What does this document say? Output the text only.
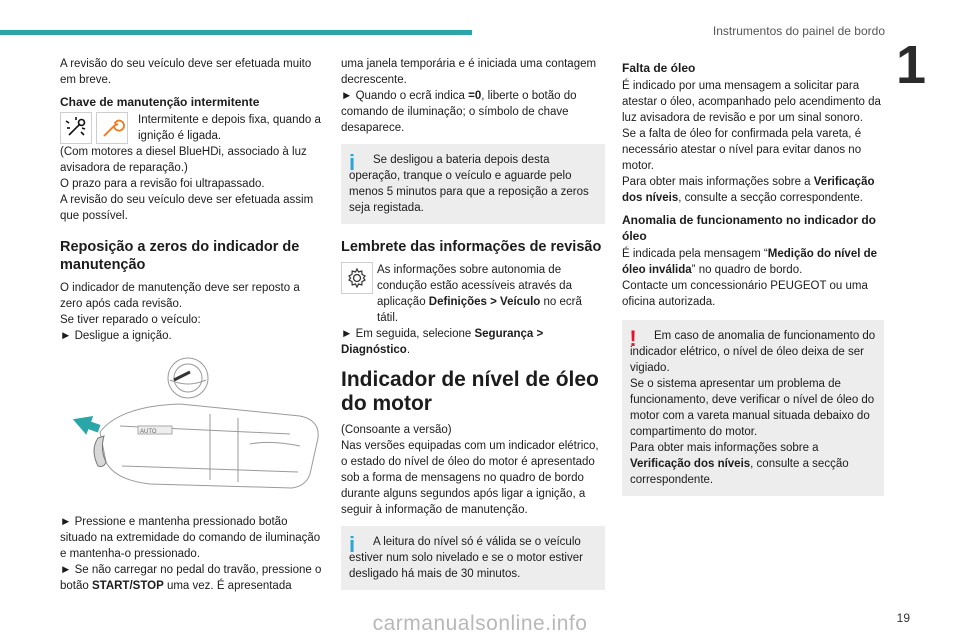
Instrumentos do painel de bordo
1

A revisão do seu veículo deve ser efetuada muito em breve.

Chave de manutenção intermitente

Intermitente e depois fixa, quando a ignição é ligada.

(Com motores a diesel BlueHDi, associado à luz avisadora de reparação.)

O prazo para a revisão foi ultrapassado.

A revisão do seu veículo deve ser efetuada assim que possível.

Reposição a zeros do indicador de manutenção

O indicador de manutenção deve ser reposto a zero após cada revisão.

Se tiver reparado o veículo:

► Desligue a ignição.

AUTO

► Pressione e mantenha pressionado botão situado na extremidade do comando de iluminação e mantenha-o pressionado.

► Se não carregar no pedal do travão, pressione o botão START/STOP uma vez. É apresentada

uma janela temporária e é iniciada uma contagem decrescente.

► Quando o ecrã indica =0, liberte o botão do comando de iluminação; o símbolo de chave desaparece.

i	Se desligou a bateria depois desta operação, tranque o veículo e aguarde pelo menos 5 minutos para que a reposição a zeros seja registada.

Lembrete das informações de revisão

As informações sobre autonomia de condução estão acessíveis através da aplicação Definições > Veículo no ecrã tátil.

► Em seguida, selecione Segurança > Diagnóstico.

Indicador de nível de óleo do motor

(Consoante a versão)

Nas versões equipadas com um indicador elétrico, o estado do nível de óleo do motor é apresentado sob a forma de mensagens no quadro de bordo durante alguns segundos após ligar a ignição, a seguir à informação de manutenção.

i	A leitura do nível só é válida se o veículo estiver num solo nivelado e se o motor estiver desligado há mais de 30 minutos.

Falta de óleo

É indicado por uma mensagem a solicitar para atestar o óleo, acompanhado pelo acendimento da luz avisadora de revisão e por um sinal sonoro.

Se a falta de óleo for confirmada pela vareta, é necessário atestar o nível para evitar danos no motor.

Para obter mais informações sobre a Verificação dos níveis, consulte a secção correspondente.

Anomalia de funcionamento no indicador do óleo

É indicada pela mensagem “Medição do nível de óleo inválida” no quadro de bordo.

Contacte um concessionário PEUGEOT ou uma oficina autorizada.

!	Em caso de anomalia de funcionamento do indicador elétrico, o nível de óleo deixa de ser vigiado.

Se o sistema apresentar um problema de funcionamento, deve verificar o nível de óleo do motor com a vareta manual situada debaixo do compartimento do motor.

Para obter mais informações sobre a Verificação dos níveis, consulte a secção correspondente.

19
carmanualsonline.info
